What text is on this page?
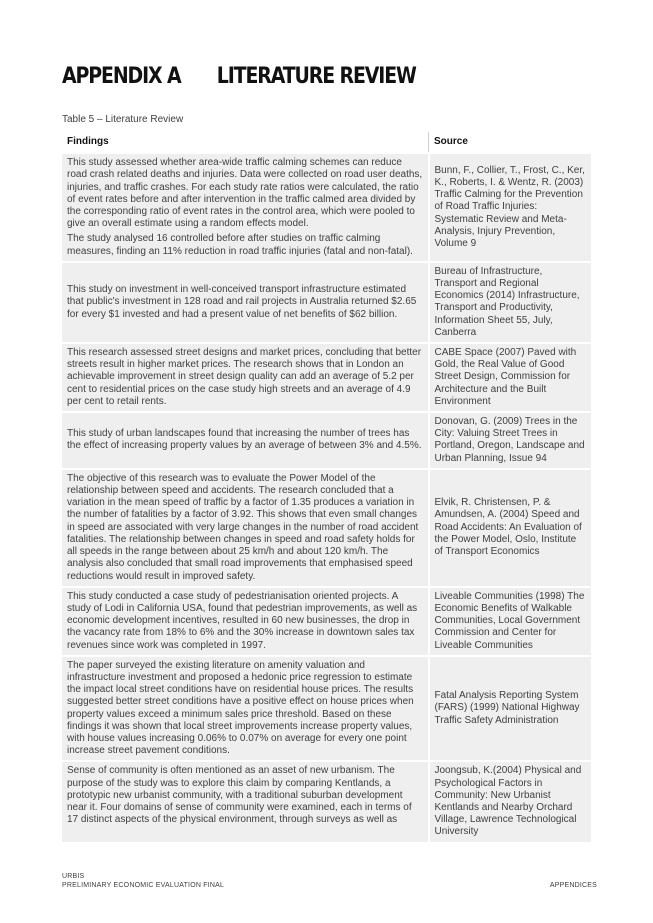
APPENDIX A LITERATURE REVIEW
Table 5 – Literature Review
Findings	Source

This study assessed whether area-wide traffic calming schemes can reduce road crash related deaths and injuries. Data were collected on road user deaths, injuries, and traffic crashes. For each study rate ratios were calculated, the ratio of event rates before and after intervention in the traffic calmed area divided by the corresponding ratio of event rates in the control area, which were pooled to give an overall estimate using a random effects model.

The study analysed 16 controlled before after studies on traffic calming measures, finding an 11% reduction in road traffic injuries (fatal and non-fatal).	Bunn, F., Collier, T., Frost, C., Ker, K., Roberts, I. & Wentz, R. (2003) Traffic Calming for the Prevention of Road Traffic Injuries: Systematic Review and Meta-Analysis, Injury Prevention, Volume 9

This study on investment in well-conceived transport infrastructure estimated that public's investment in 128 road and rail projects in Australia returned $2.65 for every $1 invested and had a present value of net benefits of $62 billion.	Bureau of Infrastructure, Transport and Regional Economics (2014) Infrastructure, Transport and Productivity, Information Sheet 55, July, Canberra

This research assessed street designs and market prices, concluding that better streets result in higher market prices. The research shows that in London an achievable improvement in street design quality can add an average of 5.2 per cent to residential prices on the case study high streets and an average of 4.9 per cent to retail rents.	CABE Space (2007) Paved with Gold, the Real Value of Good Street Design, Commission for Architecture and the Built Environment

This study of urban landscapes found that increasing the number of trees has the effect of increasing property values by an average of between 3% and 4.5%.	Donovan, G. (2009) Trees in the City: Valuing Street Trees in Portland, Oregon, Landscape and Urban Planning, Issue 94

The objective of this research was to evaluate the Power Model of the relationship between speed and accidents. The research concluded that a variation in the mean speed of traffic by a factor of 1.35 produces a variation in the number of fatalities by a factor of 3.92. This shows that even small changes in speed are associated with very large changes in the number of road accident fatalities. The relationship between changes in speed and road safety holds for all speeds in the range between about 25 km/h and about 120 km/h. The analysis also concluded that small road improvements that emphasised speed reductions would result in improved safety.	Elvik, R. Christensen, P. & Amundsen, A. (2004) Speed and Road Accidents: An Evaluation of the Power Model, Oslo, Institute of Transport Economics

This study conducted a case study of pedestrianisation oriented projects. A study of Lodi in California USA, found that pedestrian improvements, as well as economic development incentives, resulted in 60 new businesses, the drop in the vacancy rate from 18% to 6% and the 30% increase in downtown sales tax revenues since work was completed in 1997.	Liveable Communities (1998) The Economic Benefits of Walkable Communities, Local Government Commission and Center for Liveable Communities

The paper surveyed the existing literature on amenity valuation and infrastructure investment and proposed a hedonic price regression to estimate the impact local street conditions have on residential house prices. The results suggested better street conditions have a positive effect on house prices when property values exceed a minimum sales price threshold. Based on these findings it was shown that local street improvements increase property values, with house values increasing 0.06% to 0.07% on average for every one point increase street pavement conditions.	Fatal Analysis Reporting System (FARS) (1999) National Highway Traffic Safety Administration

Sense of community is often mentioned as an asset of new urbanism. The purpose of the study was to explore this claim by comparing Kentlands, a prototypic new urbanist community, with a traditional suburban development near it. Four domains of sense of community were examined, each in terms of 17 distinct aspects of the physical environment, through surveys as well as	Joongsub, K.(2004) Physical and Psychological Factors in Community: New Urbanist Kentlands and Nearby Orchard Village, Lawrence Technological University
URBIS
PRELIMINARY ECONOMIC EVALUATION FINAL	APPENDICES
